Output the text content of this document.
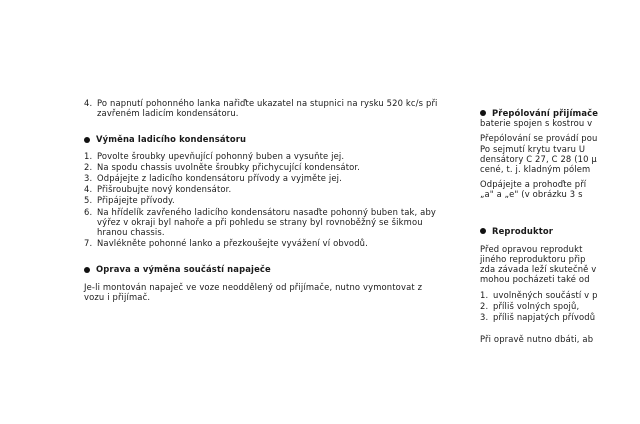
4. Po napnutí pohonného lanka nařiďte ukazatel na stupnici na rysku 520 kc/s při zavřeném ladicím kondensátoru.
Výměna ladicího kondensátoru
1. Povolte šroubky upevňující pohonný buben a vysuňte jej.
2. Na spodu chassis uvolněte šroubky přichycující kondensátor.
3. Odpájejte z ladicího kondensátoru přívody a vyjměte jej.
4. Přišroubujte nový kondensátor.
5. Připájejte přívody.
6. Na hřídelík zavřeného ladicího kondensátoru nasaďte pohonný buben tak, aby výřez v okraji byl nahoře a při pohledu se strany byl rovnoběžný se šikmou hranou chassis.
7. Navlékněte pohonné lanko a přezkoušejte vyvážení ví obvodů.
Oprava a výměna součástí napaječe

Je-li montován napaječ ve voze neoddělený od přijímače, nutno vymontovat z vozu i přijímač.

Přepólování přijímače

baterie spojen s kostrou v

Přepólování se provádí pou

Po sejmutí krytu tvaru U

densátory C 27, C 28 (10 µ

cené, t. j. kladným pólem

Odpájejte a prohoďte pří

„a" a „e" (v obrázku 3 s

Reproduktor

Před opravou reprodukt

jiného reproduktoru přip

zda závada leží skutečně v

mohou pocházeti také od

1. uvolněných součástí v p
2. příliš volných spojů,
3. příliš napjatých přívodů

Při opravě nutno dbáti, ab
